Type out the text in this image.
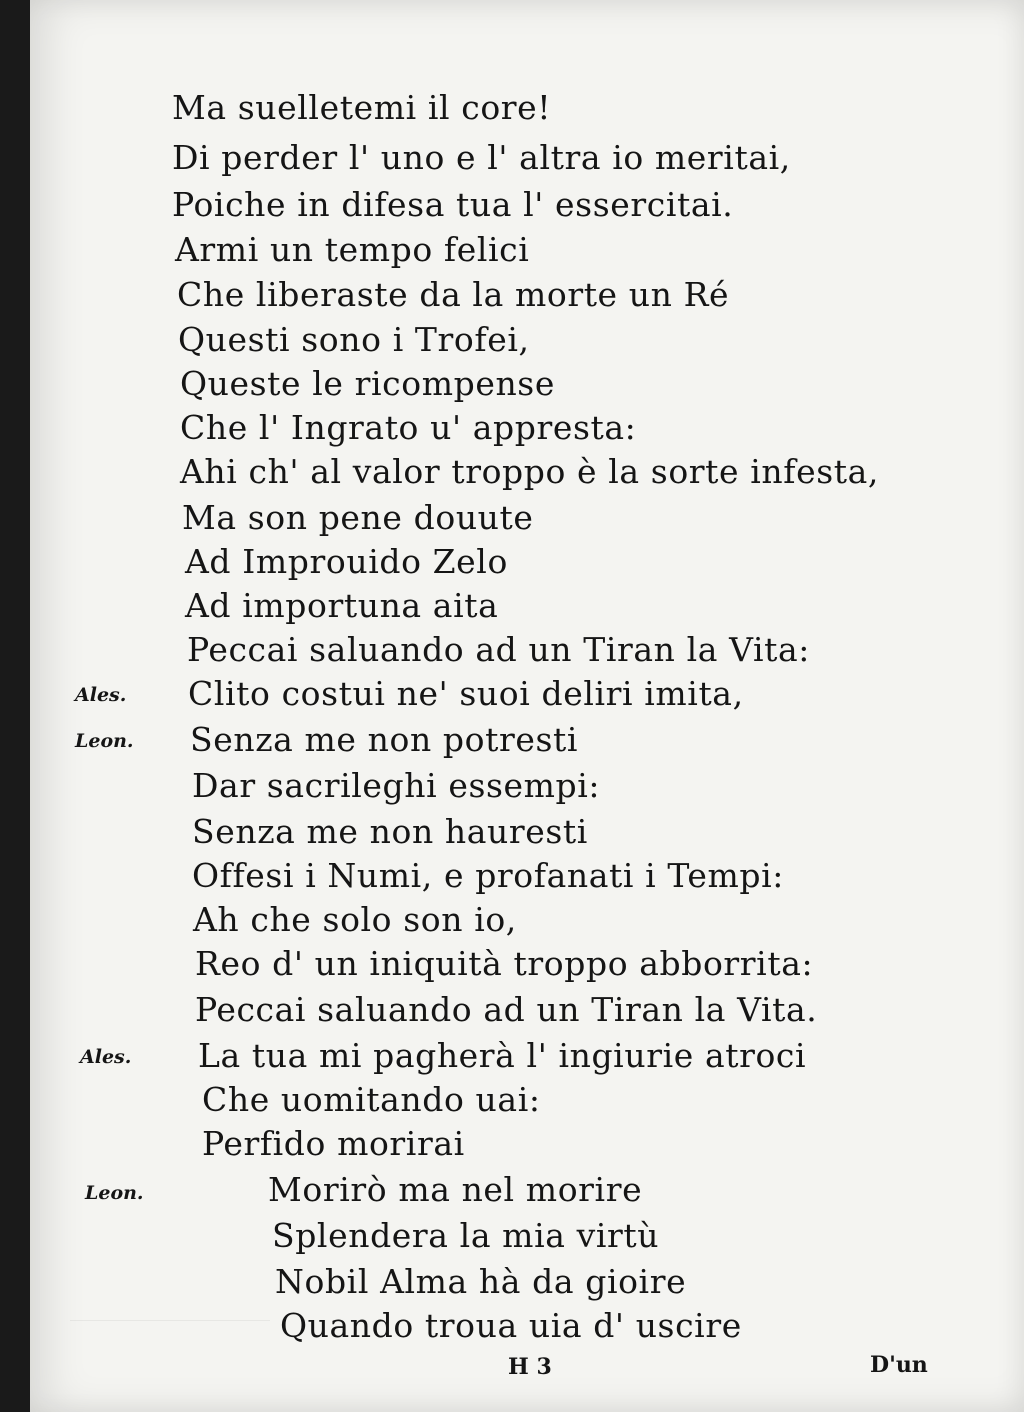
Ma suelletemi il core!
Di perder l' uno e l' altra io meritai,
Poiche in difesa tua l' essercitai.
Armi un tempo felici
Che liberaste da la morte un Ré
Questi sono i Trofei,
Queste le ricompense
Che l' Ingrato u' appresta:
Ahi ch' al valor troppo è la sorte infesta,
Ma son pene douute
Ad Improuido Zelo
Ad importuna aita
Peccai saluando ad un Tiran la Vita:
Clito costui ne' suoi deliri imita,
Senza me non potresti
Dar sacrileghi essempi:
Senza me non hauresti
Offesi i Numi, e profanati i Tempi:
Ah che solo son io,
Reo d' un iniquità troppo abborrita:
Peccai saluando ad un Tiran la Vita.
La tua mi pagherà l' ingiurie atroci
Che uomitando uai:
Perfido morirai
Morirò ma nel morire
Splendera la mia virtù
Nobil Alma hà da gioire
Quando troua uia d' uscire
Ales.
Leon.
Ales.
Leon.
H 3	D'un
